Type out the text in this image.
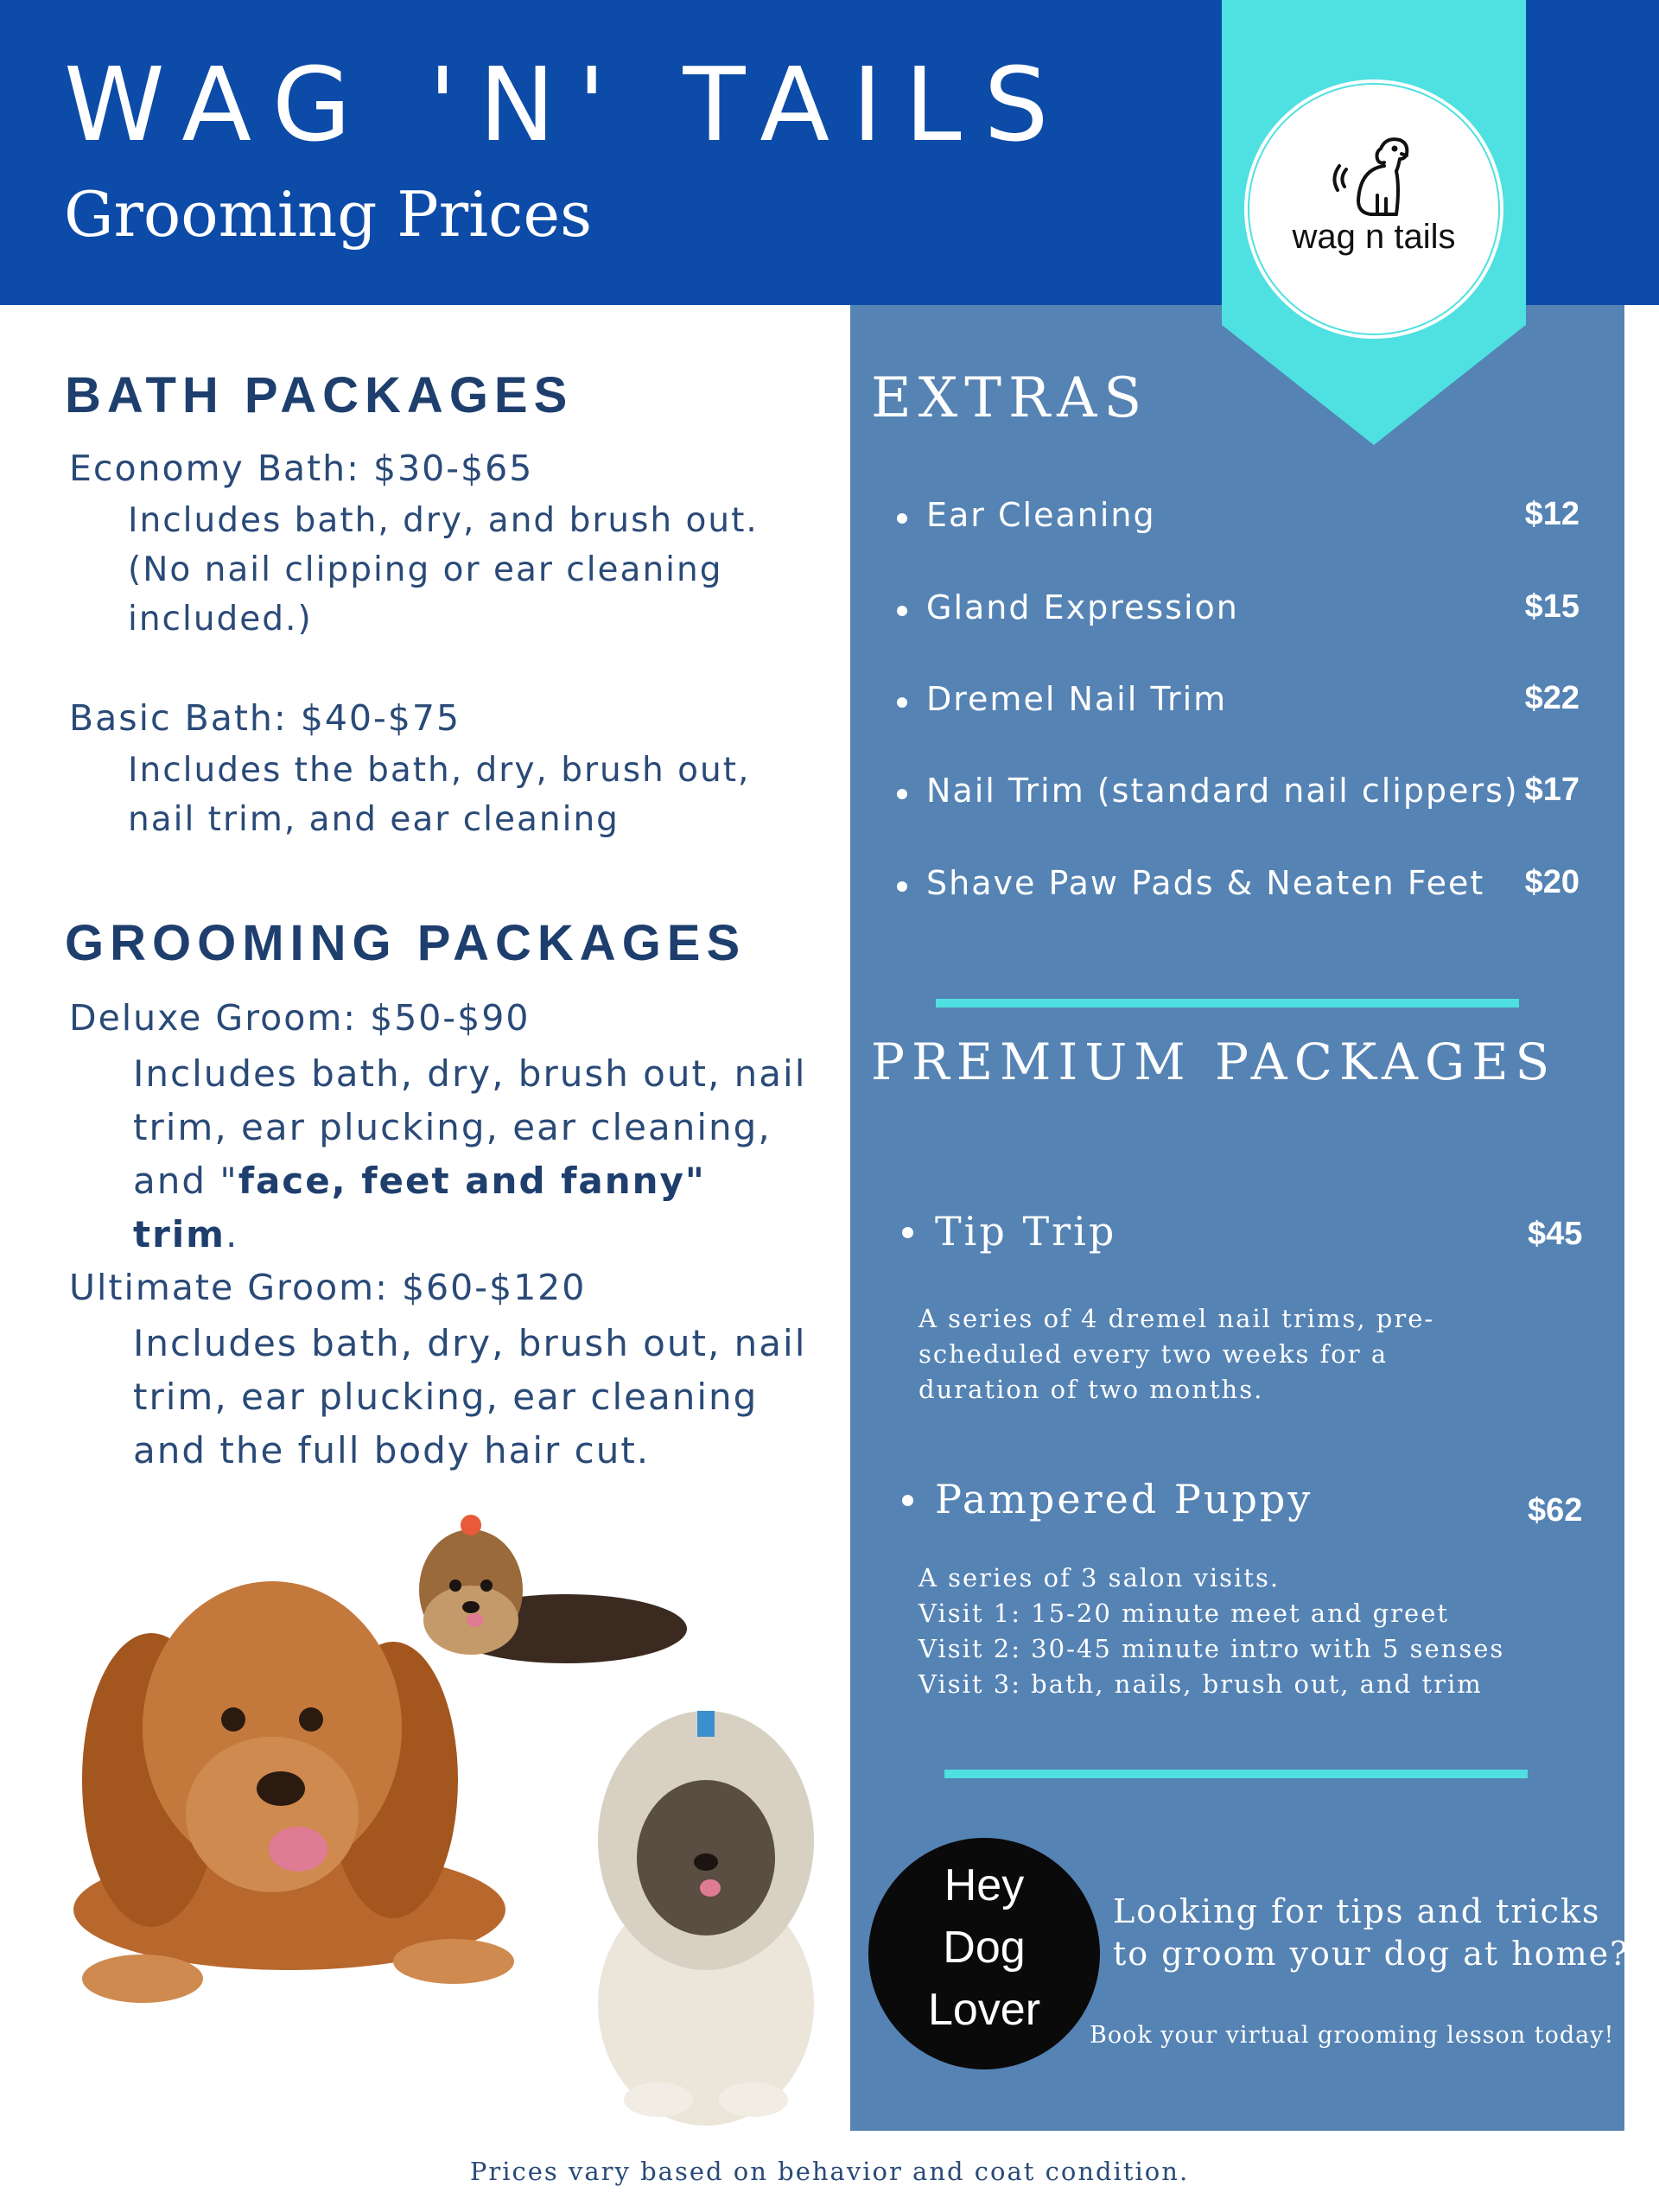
WAG 'N' TAILS
Grooming Prices	wag n tails
BATH PACKAGES
Economy Bath: $30-$65
Includes bath, dry, and brush out.
(No nail clipping or ear cleaning
included.)
Basic Bath: $40-$75
Includes the bath, dry, brush out,
nail trim, and ear cleaning
GROOMING PACKAGES
Deluxe Groom: $50-$90
Includes bath, dry, brush out, nail
trim, ear plucking, ear cleaning,
and "face, feet and fanny" trim.
Ultimate Groom: $60-$120
Includes bath, dry, brush out, nail
trim, ear plucking, ear cleaning
and the full body hair cut.
EXTRAS
Ear Cleaning	$12
Gland Expression	$15
Dremel Nail Trim	$22
Nail Trim (standard nail clippers) $17
Shave Paw Pads & Neaten Feet $20
PREMIUM PACKAGES
Tip Trip	$45
A series of 4 dremel nail trims, pre-
scheduled every two weeks for a
duration of two months.
Pampered Puppy	$62
A series of 3 salon visits.
Visit 1: 15-20 minute meet and greet
Visit 2: 30-45 minute intro with 5 senses
Visit 3: bath, nails, brush out, and trim
Hey
Dog
Lover
Looking for tips and tricks
to groom your dog at home?
Book your virtual grooming lesson today!
Prices vary based on behavior and coat condition.
